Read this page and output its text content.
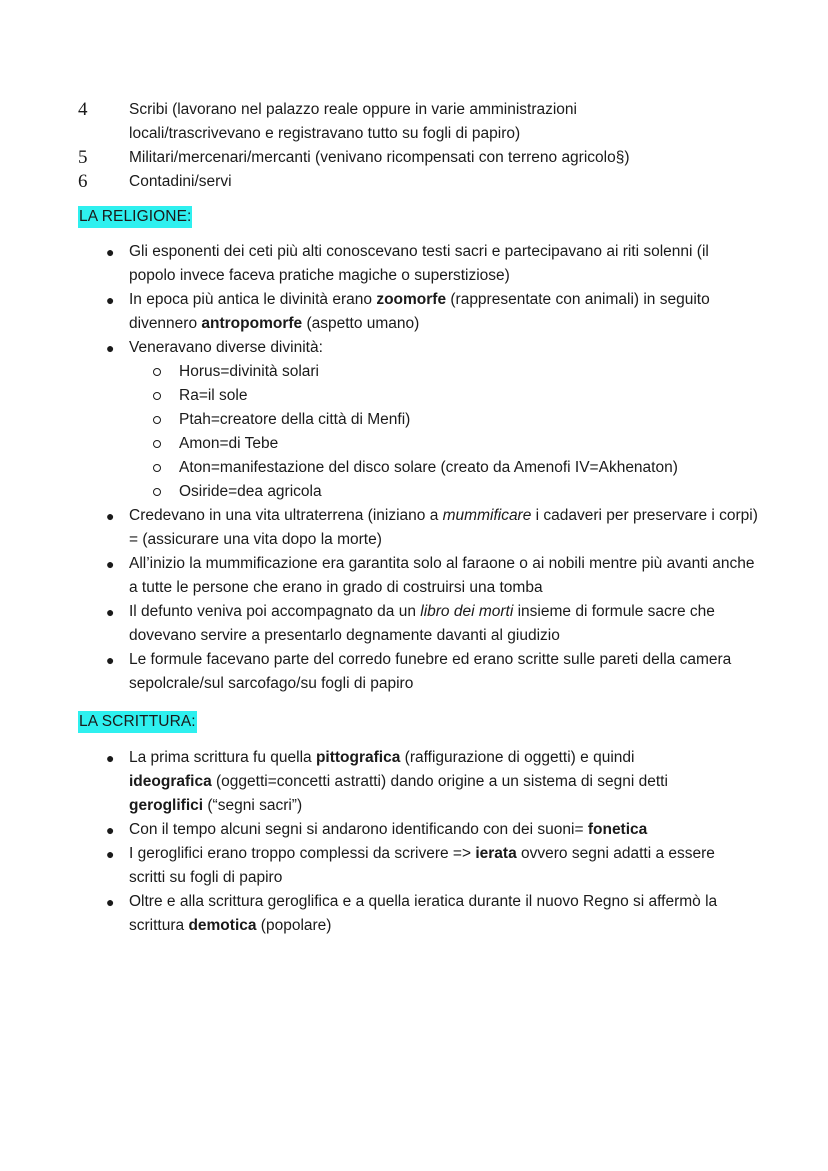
4	Scribi (lavorano nel palazzo reale oppure in varie amministrazioni locali/trascrivevano e registravano tutto su fogli di papiro)
5	Militari/mercenari/mercanti (venivano ricompensati con terreno agricolo§)
6	Contadini/servi
LA RELIGIONE:
● Gli esponenti dei ceti più alti conoscevano testi sacri e partecipavano ai riti solenni (il popolo invece faceva pratiche magiche o superstiziose)
● In epoca più antica le divinità erano zoomorfe (rappresentate con animali) in seguito divennero antropomorfe (aspetto umano)
● Veneravano diverse divinità:
Horus=divinità solari
Ra=il sole
Ptah=creatore della città di Menfi)
Amon=di Tebe
Aton=manifestazione del disco solare (creato da Amenofi IV=Akhenaton)
Osiride=dea agricola
● Credevano in una vita ultraterrena (iniziano a mummificare i cadaveri per preservare i corpi) = (assicurare una vita dopo la morte)
● All’inizio la mummificazione era garantita solo al faraone o ai nobili mentre più avanti anche a tutte le persone che erano in grado di costruirsi una tomba
● Il defunto veniva poi accompagnato da un libro dei morti insieme di formule sacre che dovevano servire a presentarlo degnamente davanti al giudizio
● Le formule facevano parte del corredo funebre ed erano scritte sulle pareti della camera sepolcrale/sul sarcofago/su fogli di papiro
LA SCRITTURA:
● La prima scrittura fu quella pittografica (raffigurazione di oggetti) e quindi ideografica (oggetti=concetti astratti) dando origine a un sistema di segni detti geroglifici (“segni sacri”)
● Con il tempo alcuni segni si andarono identificando con dei suoni= fonetica
● I geroglifici erano troppo complessi da scrivere => ierata ovvero segni adatti a essere scritti su fogli di papiro
● Oltre e alla scrittura geroglifica e a quella ieratica durante il nuovo Regno si affermò la scrittura demotica (popolare)
